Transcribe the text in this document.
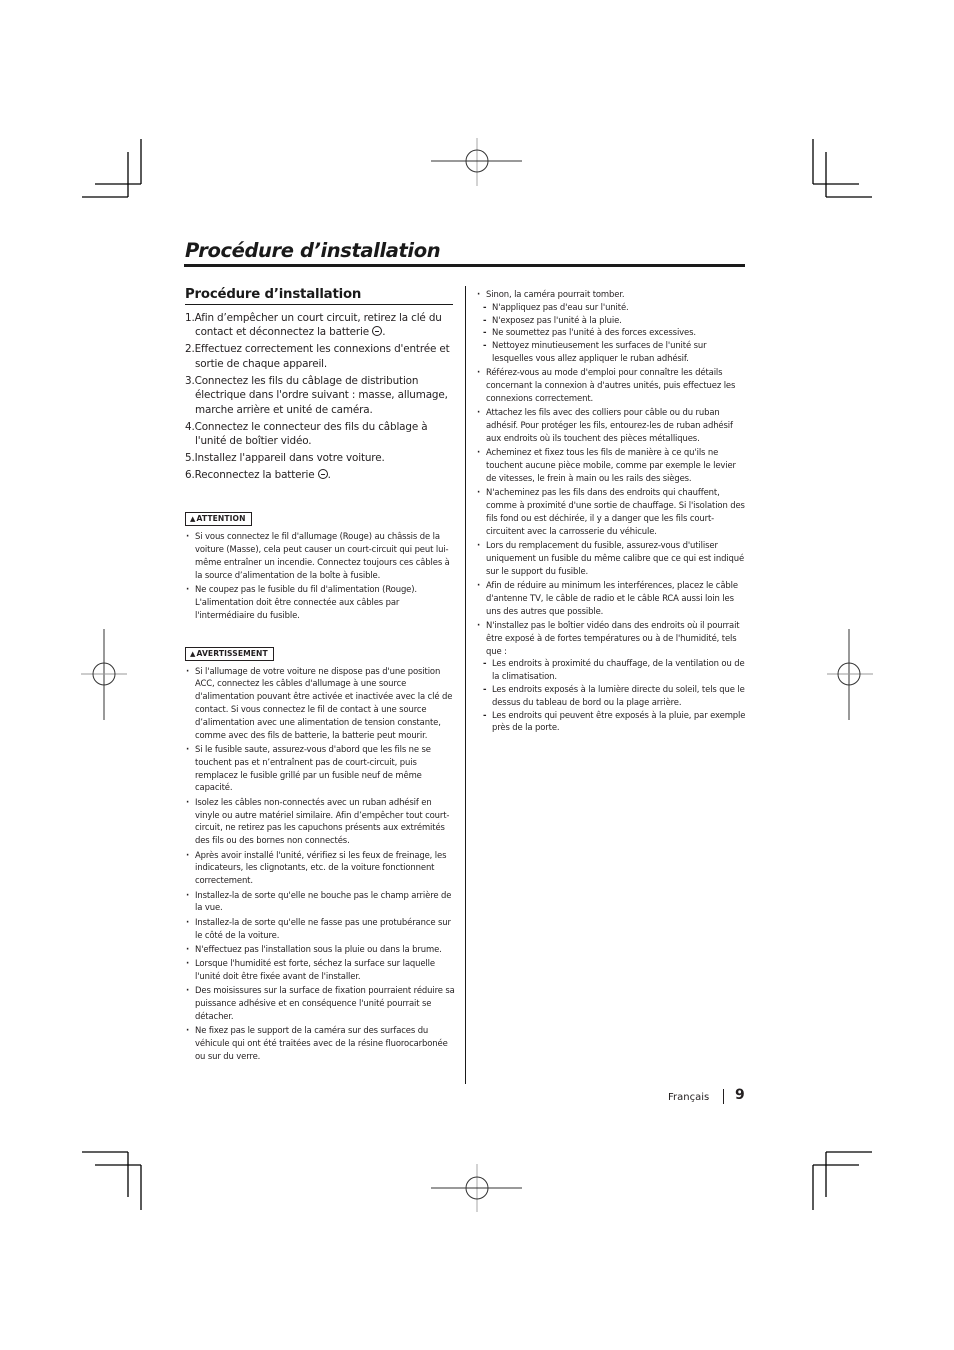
Procédure d’installation
Procédure d’installation
1.Afin d’empêcher un court circuit, retirez la clé du contact et déconnectez la batterie .
2.Effectuez correctement les connexions d'entrée et sortie de chaque appareil.
3.Connectez les fils du câblage de distribution électrique dans l'ordre suivant : masse, allumage, marche arrière et unité de caméra.
4.Connectez le connecteur des fils du câblage à l'unité de boîtier vidéo.
5.Installez l'appareil dans votre voiture.
6.Reconnectez la batterie .
▲ATTENTION
· Si vous connectez le fil d'allumage (Rouge) au châssis de la voiture (Masse), cela peut causer un court-circuit qui peut lui-même entraîner un incendie. Connectez toujours ces câbles à la source d’alimentation de la boîte à fusible.
· Ne coupez pas le fusible du fil d'alimentation (Rouge). L'alimentation doit être connectée aux câbles par l'intermédiaire du fusible.
▲AVERTISSEMENT
· Si l'allumage de votre voiture ne dispose pas d'une position ACC, connectez les câbles d'allumage à une source d'alimentation pouvant être activée et inactivée avec la clé de contact. Si vous connectez le fil de contact à une source d’alimentation avec une alimentation de tension constante, comme avec des fils de batterie, la batterie peut mourir.
· Si le fusible saute, assurez-vous d'abord que les fils ne se touchent pas et n’entraînent pas de court-circuit, puis remplacez le fusible grillé par un fusible neuf de même capacité.
· Isolez les câbles non-connectés avec un ruban adhésif en vinyle ou autre matériel similaire. Afin d’empêcher tout court-circuit, ne retirez pas les capuchons présents aux extrémités des fils ou des bornes non connectés.
· Après avoir installé l'unité, vérifiez si les feux de freinage, les indicateurs, les clignotants, etc. de la voiture fonctionnent correctement.
· Installez-la de sorte qu'elle ne bouche pas le champ arrière de la vue.
· Installez-la de sorte qu'elle ne fasse pas une protubérance sur le côté de la voiture.
· N'effectuez pas l'installation sous la pluie ou dans la brume.
· Lorsque l'humidité est forte, séchez la surface sur laquelle l'unité doit être fixée avant de l'installer.
· Des moisissures sur la surface de fixation pourraient réduire sa puissance adhésive et en conséquence l'unité pourrait se détacher.
· Ne fixez pas le support de la caméra sur des surfaces du véhicule qui ont été traitées avec de la résine fluorocarbonée ou sur du verre.
· Sinon, la caméra pourrait tomber.
- N'appliquez pas d'eau sur l'unité.
- N'exposez pas l'unité à la pluie.
- Ne soumettez pas l'unité à des forces excessives.
- Nettoyez minutieusement les surfaces de l'unité sur lesquelles vous allez appliquer le ruban adhésif.
· Référez-vous au mode d'emploi pour connaître les détails concernant la connexion à d'autres unités, puis effectuez les connexions correctement.
· Attachez les fils avec des colliers pour câble ou du ruban adhésif. Pour protéger les fils, entourez-les de ruban adhésif aux endroits où ils touchent des pièces métalliques.
· Acheminez et fixez tous les fils de manière à ce qu'ils ne touchent aucune pièce mobile, comme par exemple le levier de vitesses, le frein à main ou les rails des sièges.
· N'acheminez pas les fils dans des endroits qui chauffent, comme à proximité d'une sortie de chauffage. Si l'isolation des fils fond ou est déchirée, il y a danger que les fils court-circuitent avec la carrosserie du véhicule.
· Lors du remplacement du fusible, assurez-vous d'utiliser uniquement un fusible du même calibre que ce qui est indiqué sur le support du fusible.
· Afin de réduire au minimum les interférences, placez le câble d'antenne TV, le câble de radio et le câble RCA aussi loin les uns des autres que possible.
· N'installez pas le boîtier vidéo dans des endroits où il pourrait être exposé à de fortes températures ou à de l'humidité, tels que :
- Les endroits à proximité du chauffage, de la ventilation ou de la climatisation.
- Les endroits exposés à la lumière directe du soleil, tels que le dessus du tableau de bord ou la plage arrière.
- Les endroits qui peuvent être exposés à la pluie, par exemple près de la porte.
Français 9
